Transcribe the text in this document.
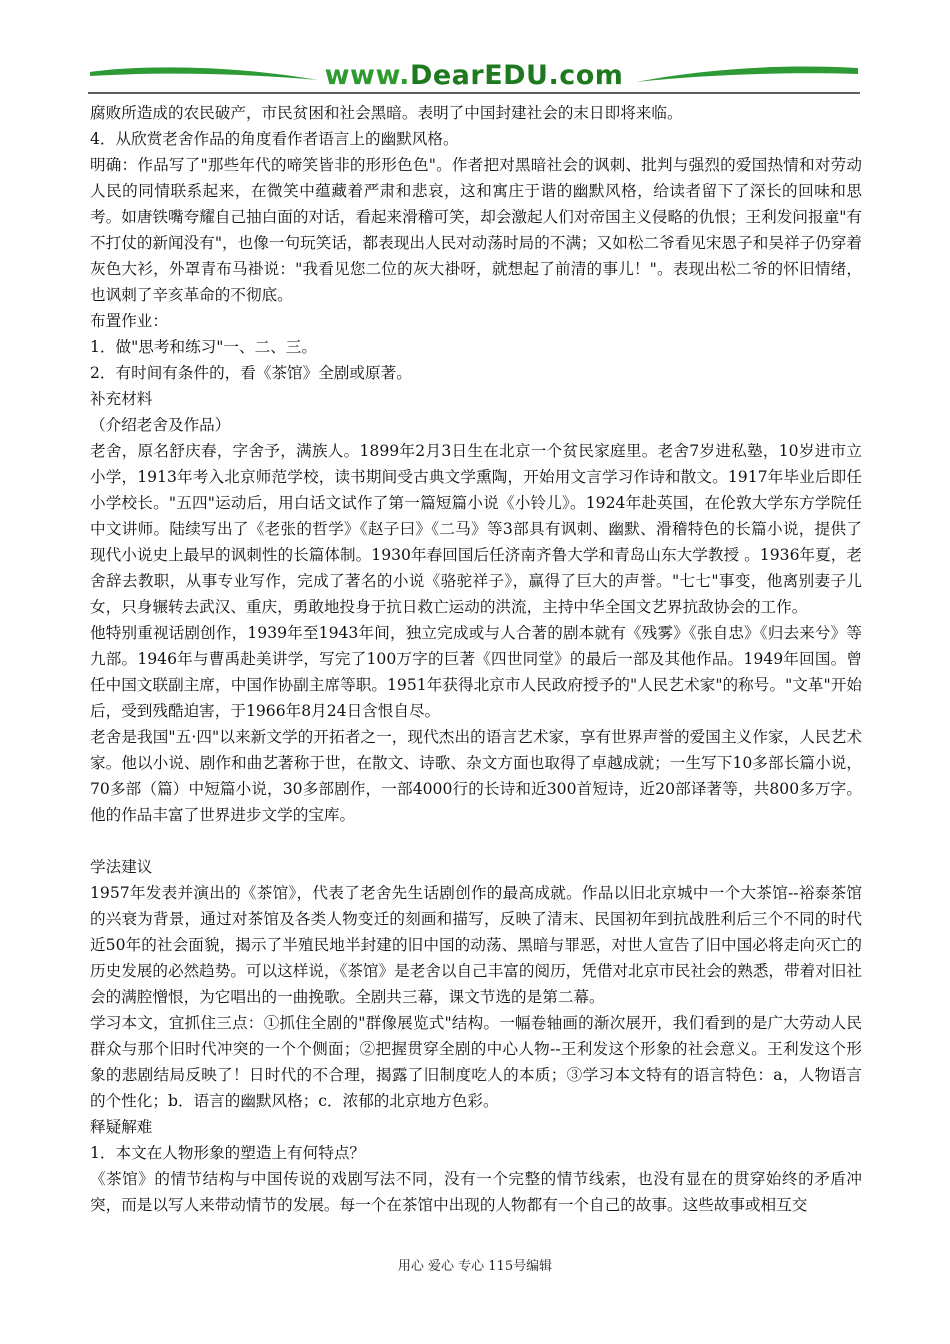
www.DearEDU.com

腐败所造成的农民破产，市民贫困和社会黑暗。表明了中国封建社会的末日即将来临。

4．从欣赏老舍作品的角度看作者语言上的幽默风格。

明确：作品写了"那些年代的啼笑皆非的形形色色"。作者把对黑暗社会的讽刺、批判与强烈的爱国热情和对劳动人民的同情联系起来，在微笑中蕴藏着严肃和悲哀，这和寓庄于谐的幽默风格，给读者留下了深长的回味和思考。如唐铁嘴夸耀自己抽白面的对话，看起来滑稽可笑，却会激起人们对帝国主义侵略的仇恨；王利发问报童"有不打仗的新闻没有"，也像一句玩笑话，都表现出人民对动荡时局的不满；又如松二爷看见宋恩子和吴祥子仍穿着灰色大衫，外罩青布马褂说："我看见您二位的灰大褂呀，就想起了前清的事儿！"。表现出松二爷的怀旧情绪，也讽刺了辛亥革命的不彻底。

布置作业：

1．做"思考和练习"一、二、三。

2．有时间有条件的，看《茶馆》全剧或原著。

补充材料

（介绍老舍及作品）

老舍，原名舒庆春，字舍予，满族人。1899年2月3日生在北京一个贫民家庭里。老舍7岁进私塾，10岁进市立小学，1913年考入北京师范学校，读书期间受古典文学熏陶，开始用文言学习作诗和散文。1917年毕业后即任小学校长。"五四"运动后，用白话文试作了第一篇短篇小说《小铃儿》。1924年赴英国，在伦敦大学东方学院任中文讲师。陆续写出了《老张的哲学》《赵子曰》《二马》等3部具有讽刺、幽默、滑稽特色的长篇小说，提供了现代小说史上最早的讽刺性的长篇体制。1930年春回国后任济南齐鲁大学和青岛山东大学教授 。1936年夏，老舍辞去教职，从事专业写作，完成了著名的小说《骆驼祥子》，赢得了巨大的声誉。"七七"事变，他离别妻子儿女，只身辗转去武汉、重庆，勇敢地投身于抗日救亡运动的洪流，主持中华全国文艺界抗敌协会的工作。

他特别重视话剧创作，1939年至1943年间，独立完成或与人合著的剧本就有《残雾》《张自忠》《归去来兮》等九部。1946年与曹禹赴美讲学，写完了100万字的巨著《四世同堂》的最后一部及其他作品。1949年回国。曾任中国文联副主席，中国作协副主席等职。1951年获得北京市人民政府授予的"人民艺术家"的称号。"文革"开始后，受到残酷迫害，于1966年8月24日含恨自尽。

老舍是我国"五·四"以来新文学的开拓者之一，现代杰出的语言艺术家，享有世界声誉的爱国主义作家，人民艺术家。他以小说、剧作和曲艺著称于世，在散文、诗歌、杂文方面也取得了卓越成就；一生写下10多部长篇小说，70多部（篇）中短篇小说，30多部剧作，一部4000行的长诗和近300首短诗，近20部译著等，共800多万字。他的作品丰富了世界进步文学的宝库。

学法建议

1957年发表并演出的《茶馆》，代表了老舍先生话剧创作的最高成就。作品以旧北京城中一个大茶馆--裕泰茶馆的兴衰为背景，通过对茶馆及各类人物变迁的刻画和描写，反映了清末、民国初年到抗战胜利后三个不同的时代近50年的社会面貌，揭示了半殖民地半封建的旧中国的动荡、黑暗与罪恶，对世人宣告了旧中国必将走向灭亡的历史发展的必然趋势。可以这样说，《茶馆》是老舍以自己丰富的阅历，凭借对北京市民社会的熟悉，带着对旧社会的满腔憎恨，为它唱出的一曲挽歌。全剧共三幕，课文节选的是第二幕。

学习本文，宜抓住三点：①抓住全剧的"群像展览式"结构。一幅卷轴画的渐次展开，我们看到的是广大劳动人民群众与那个旧时代冲突的一个个侧面；②把握贯穿全剧的中心人物--王利发这个形象的社会意义。王利发这个形象的悲剧结局反映了！日时代的不合理，揭露了旧制度吃人的本质；③学习本文特有的语言特色：a，人物语言的个性化；b．语言的幽默风格；c．浓郁的北京地方色彩。

释疑解难

1．本文在人物形象的塑造上有何特点？

《茶馆》的情节结构与中国传说的戏剧写法不同，没有一个完整的情节线索，也没有显在的贯穿始终的矛盾冲突，而是以写人来带动情节的发展。每一个在茶馆中出现的人物都有一个自己的故事。这些故事或相互交

用心 爱心 专心 115号编辑
